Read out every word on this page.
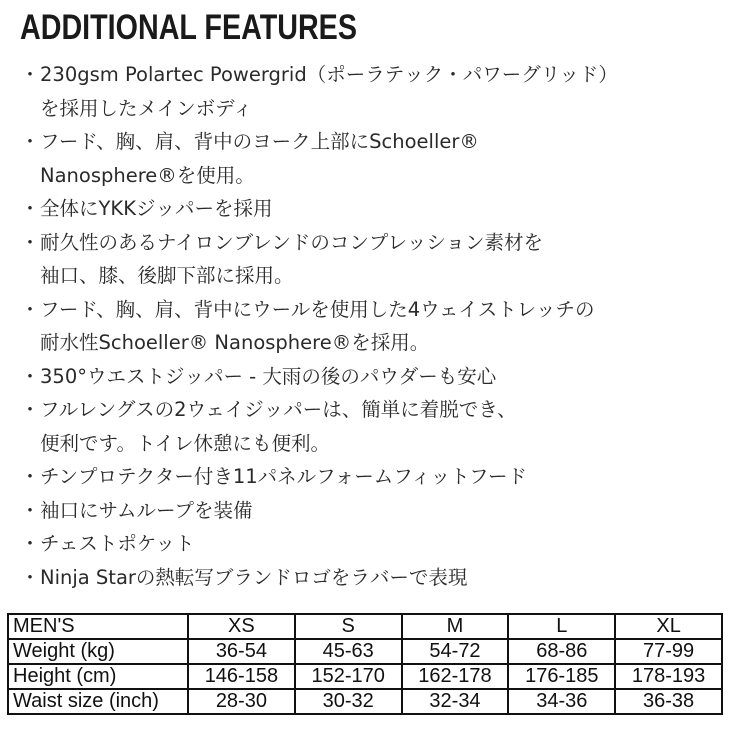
ADDITIONAL FEATURES
・230gsm Polartec Powergrid（ポーラテック・パワーグリッド）
を採用したメインボディ
・フード、胸、肩、背中のヨーク上部にSchoeller®
Nanosphere®を使用。
・全体にYKKジッパーを採用
・耐久性のあるナイロンブレンドのコンプレッション素材を
袖口、膝、後脚下部に採用。
・フード、胸、肩、背中にウールを使用した4ウェイストレッチの
耐水性Schoeller® Nanosphere®を採用。
・350°ウエストジッパー - 大雨の後のパウダーも安心
・フルレングスの2ウェイジッパーは、簡単に着脱でき、
便利です。トイレ休憩にも便利。
・チンプロテクター付き11パネルフォームフィットフード
・袖口にサムループを装備
・チェストポケット
・Ninja Starの熱転写ブランドロゴをラバーで表現
MEN'S	XS	S	M	L	XL
Weight (kg)	36-54	45-63	54-72	68-86	77-99
Height (cm)	146-158	152-170	162-178	176-185	178-193
Waist size (inch)	28-30	30-32	32-34	34-36	36-38
